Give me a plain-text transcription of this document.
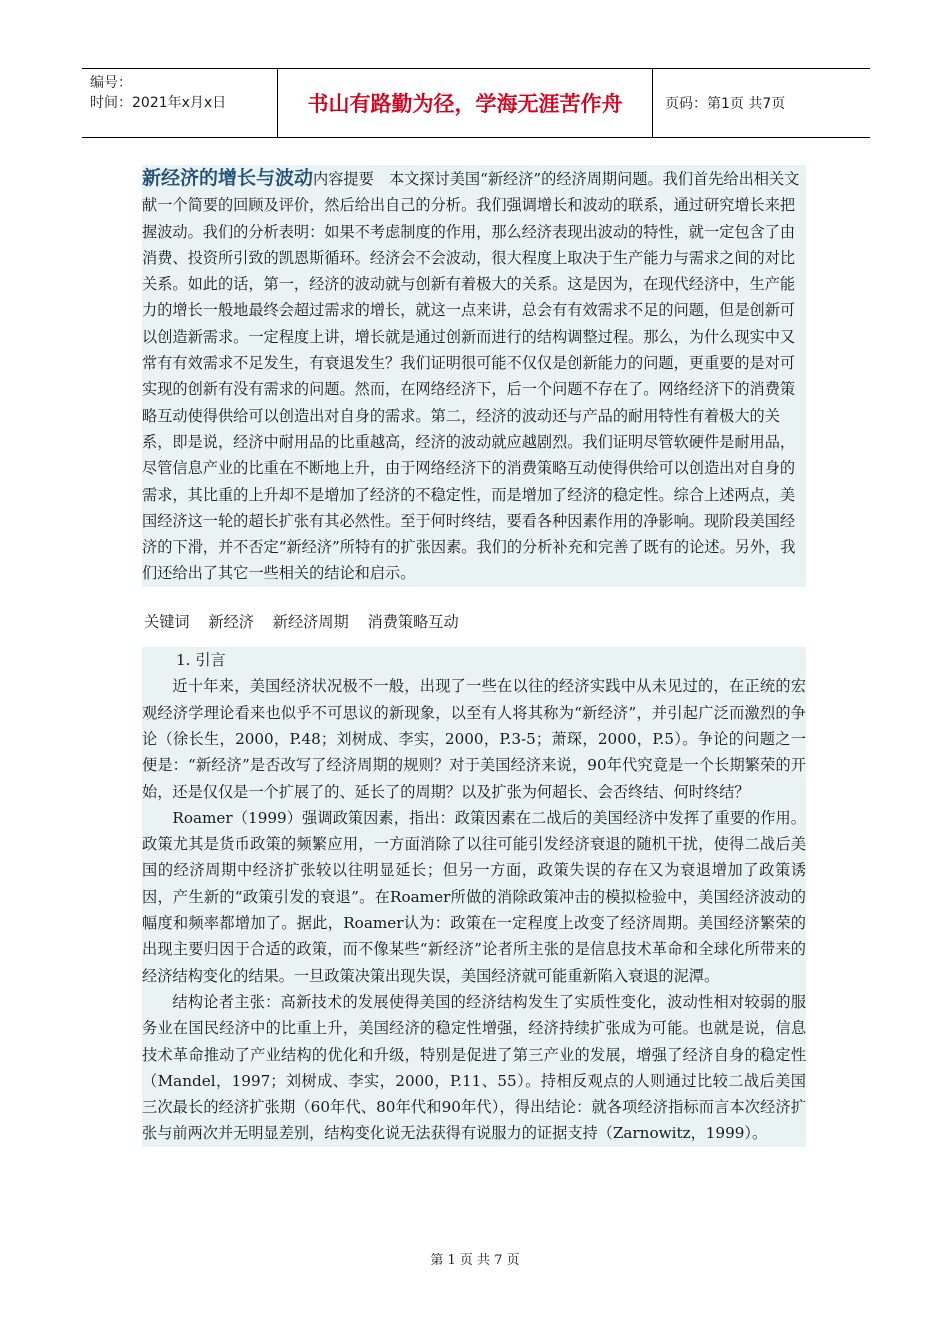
编号：
时间：2021年x月x日	书山有路勤为径，学海无涯苦作舟	页码：第1页 共7页
新经济的增长与波动内容提要　本文探讨美国“新经济”的经济周期问题。我们首先给出相关文献一个简要的回顾及评价，然后给出自己的分析。我们强调增长和波动的联系，通过研究增长来把握波动。我们的分析表明：如果不考虑制度的作用，那么经济表现出波动的特性，就一定包含了由消费、投资所引致的凯恩斯循环。经济会不会波动，很大程度上取决于生产能力与需求之间的对比关系。如此的话，第一，经济的波动就与创新有着极大的关系。这是因为，在现代经济中，生产能力的增长一般地最终会超过需求的增长，就这一点来讲，总会有有效需求不足的问题，但是创新可以创造新需求。一定程度上讲，增长就是通过创新而进行的结构调整过程。那么，为什么现实中又常有有效需求不足发生，有衰退发生？我们证明很可能不仅仅是创新能力的问题，更重要的是对可实现的创新有没有需求的问题。然而，在网络经济下，后一个问题不存在了。网络经济下的消费策略互动使得供给可以创造出对自身的需求。第二，经济的波动还与产品的耐用特性有着极大的关系，即是说，经济中耐用品的比重越高，经济的波动就应越剧烈。我们证明尽管软硬件是耐用品，尽管信息产业的比重在不断地上升，由于网络经济下的消费策略互动使得供给可以创造出对自身的需求，其比重的上升却不是增加了经济的不稳定性，而是增加了经济的稳定性。综合上述两点，美国经济这一轮的超长扩张有其必然性。至于何时终结，要看各种因素作用的净影响。现阶段美国经济的下滑，并不否定“新经济”所特有的扩张因素。我们的分析补充和完善了既有的论述。另外，我们还给出了其它一些相关的结论和启示。
关键词 新经济 新经济周期 消费策略互动
1. 引言

近十年来，美国经济状况极不一般，出现了一些在以往的经济实践中从未见过的，在正统的宏观经济学理论看来也似乎不可思议的新现象，以至有人将其称为“新经济”，并引起广泛而激烈的争论（徐长生，2000，P.48；刘树成、李实，2000，P.3-5；萧琛，2000，P.5）。争论的问题之一便是：“新经济”是否改写了经济周期的规则？对于美国经济来说，90年代究竟是一个长期繁荣的开始，还是仅仅是一个扩展了的、延长了的周期？以及扩张为何超长、会否终结、何时终结？

Roamer（1999）强调政策因素，指出：政策因素在二战后的美国经济中发挥了重要的作用。政策尤其是货币政策的频繁应用，一方面消除了以往可能引发经济衰退的随机干扰，使得二战后美国的经济周期中经济扩张较以往明显延长；但另一方面，政策失误的存在又为衰退增加了政策诱因，产生新的“政策引发的衰退”。在Roamer所做的消除政策冲击的模拟检验中，美国经济波动的幅度和频率都增加了。据此，Roamer认为：政策在一定程度上改变了经济周期。美国经济繁荣的出现主要归因于合适的政策，而不像某些“新经济”论者所主张的是信息技术革命和全球化所带来的经济结构变化的结果。一旦政策决策出现失误，美国经济就可能重新陷入衰退的泥潭。

结构论者主张：高新技术的发展使得美国的经济结构发生了实质性变化，波动性相对较弱的服务业在国民经济中的比重上升，美国经济的稳定性增强，经济持续扩张成为可能。也就是说，信息技术革命推动了产业结构的优化和升级，特别是促进了第三产业的发展，增强了经济自身的稳定性（Mandel，1997；刘树成、李实，2000，P.11、55）。持相反观点的人则通过比较二战后美国三次最长的经济扩张期（60年代、80年代和90年代），得出结论：就各项经济指标而言本次经济扩张与前两次并无明显差别，结构变化说无法获得有说服力的证据支持（Zarnowitz，1999）。

第 1 页 共 7 页
